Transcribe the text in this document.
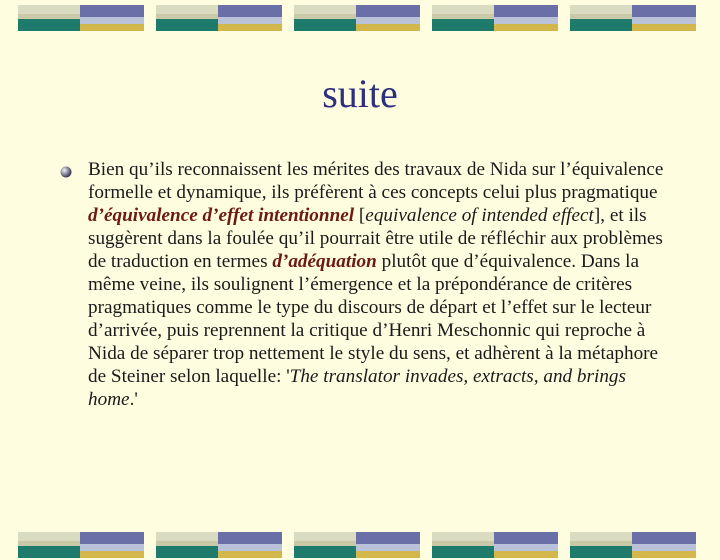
suite
Bien qu’ils reconnaissent les mérites des travaux de Nida sur l’équivalence formelle et dynamique, ils préfèrent à ces concepts celui plus pragmatique d’équivalence d’effet intentionnel [equivalence of intended effect], et ils suggèrent dans la foulée qu’il pourrait être utile de réfléchir aux problèmes de traduction en termes d’adéquation plutôt que d’équivalence. Dans la même veine, ils soulignent l’émergence et la prépondérance de critères pragmatiques comme le type du discours de départ et l’effet sur le lecteur d’arrivée, puis reprennent la critique d’Henri Meschonnic qui reproche à Nida de séparer trop nettement le style du sens, et adhèrent à la métaphore de Steiner selon laquelle: 'The translator invades, extracts, and brings home.'
